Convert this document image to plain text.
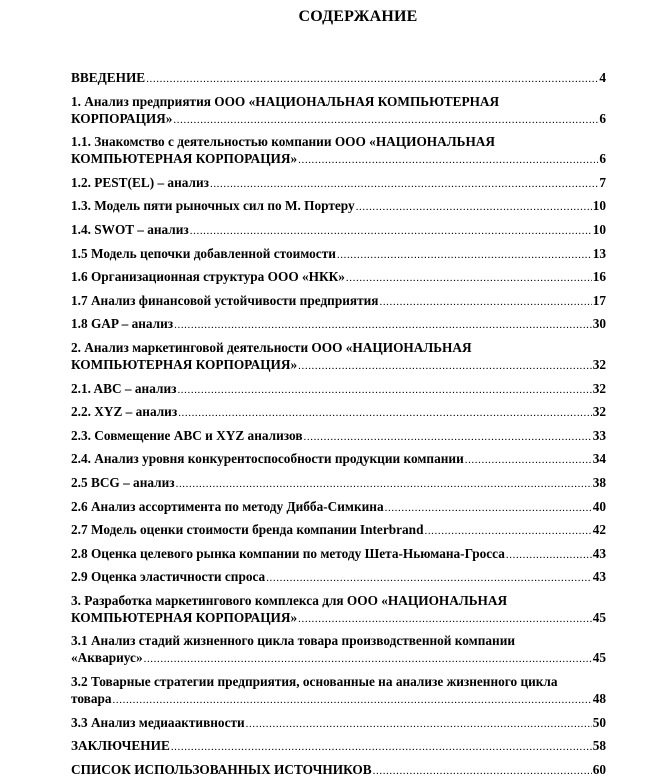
СОДЕРЖАНИЕ
ВВЕДЕНИЕ .....	4
1. Анализ предприятия ООО «НАЦИОНАЛЬНАЯ КОМПЬЮТЕРНАЯ
КОРПОРАЦИЯ» .....	6
1.1. Знакомство с деятельностью компании ООО «НАЦИОНАЛЬНАЯ
КОМПЬЮТЕРНАЯ КОРПОРАЦИЯ» .....	6
1.2. PEST(EL) – анализ .....	7
1.3. Модель пяти рыночных сил по М. Портеру .....	10
1.4. SWOT – анализ .....	10
1.5 Модель цепочки добавленной стоимости .....	13
1.6 Организационная структура ООО «НКК» .....	16
1.7 Анализ финансовой устойчивости предприятия .....	17
1.8 GAP – анализ .....	30
2. Анализ маркетинговой деятельности ООО «НАЦИОНАЛЬНАЯ
КОМПЬЮТЕРНАЯ КОРПОРАЦИЯ» .....	32
2.1. ABC – анализ .....	32
2.2. XYZ – анализ .....	32
2.3. Совмещение ABC и XYZ анализов .....	33
2.4. Анализ уровня конкурентоспособности продукции компании .....	34
2.5 BCG – анализ .....	38
2.6 Анализ ассортимента по методу Дибба-Симкина .....	40
2.7 Модель оценки стоимости бренда компании Interbrand .....	42
2.8 Оценка целевого рынка компании по методу Шета-Ньюмана-Гросса .....	43
2.9 Оценка эластичности спроса .....	43
3. Разработка маркетингового комплекса для ООО «НАЦИОНАЛЬНАЯ
КОМПЬЮТЕРНАЯ КОРПОРАЦИЯ» .....	45
3.1 Анализ стадий жизненного цикла товара производственной компании
«Аквариус» .....	45
3.2 Товарные стратегии предприятия, основанные на анализе жизненного цикла
товара .....	48
3.3 Анализ медиаактивности .....	50
ЗАКЛЮЧЕНИЕ .....	58
СПИСОК ИСПОЛЬЗОВАННЫХ ИСТОЧНИКОВ .....	60
